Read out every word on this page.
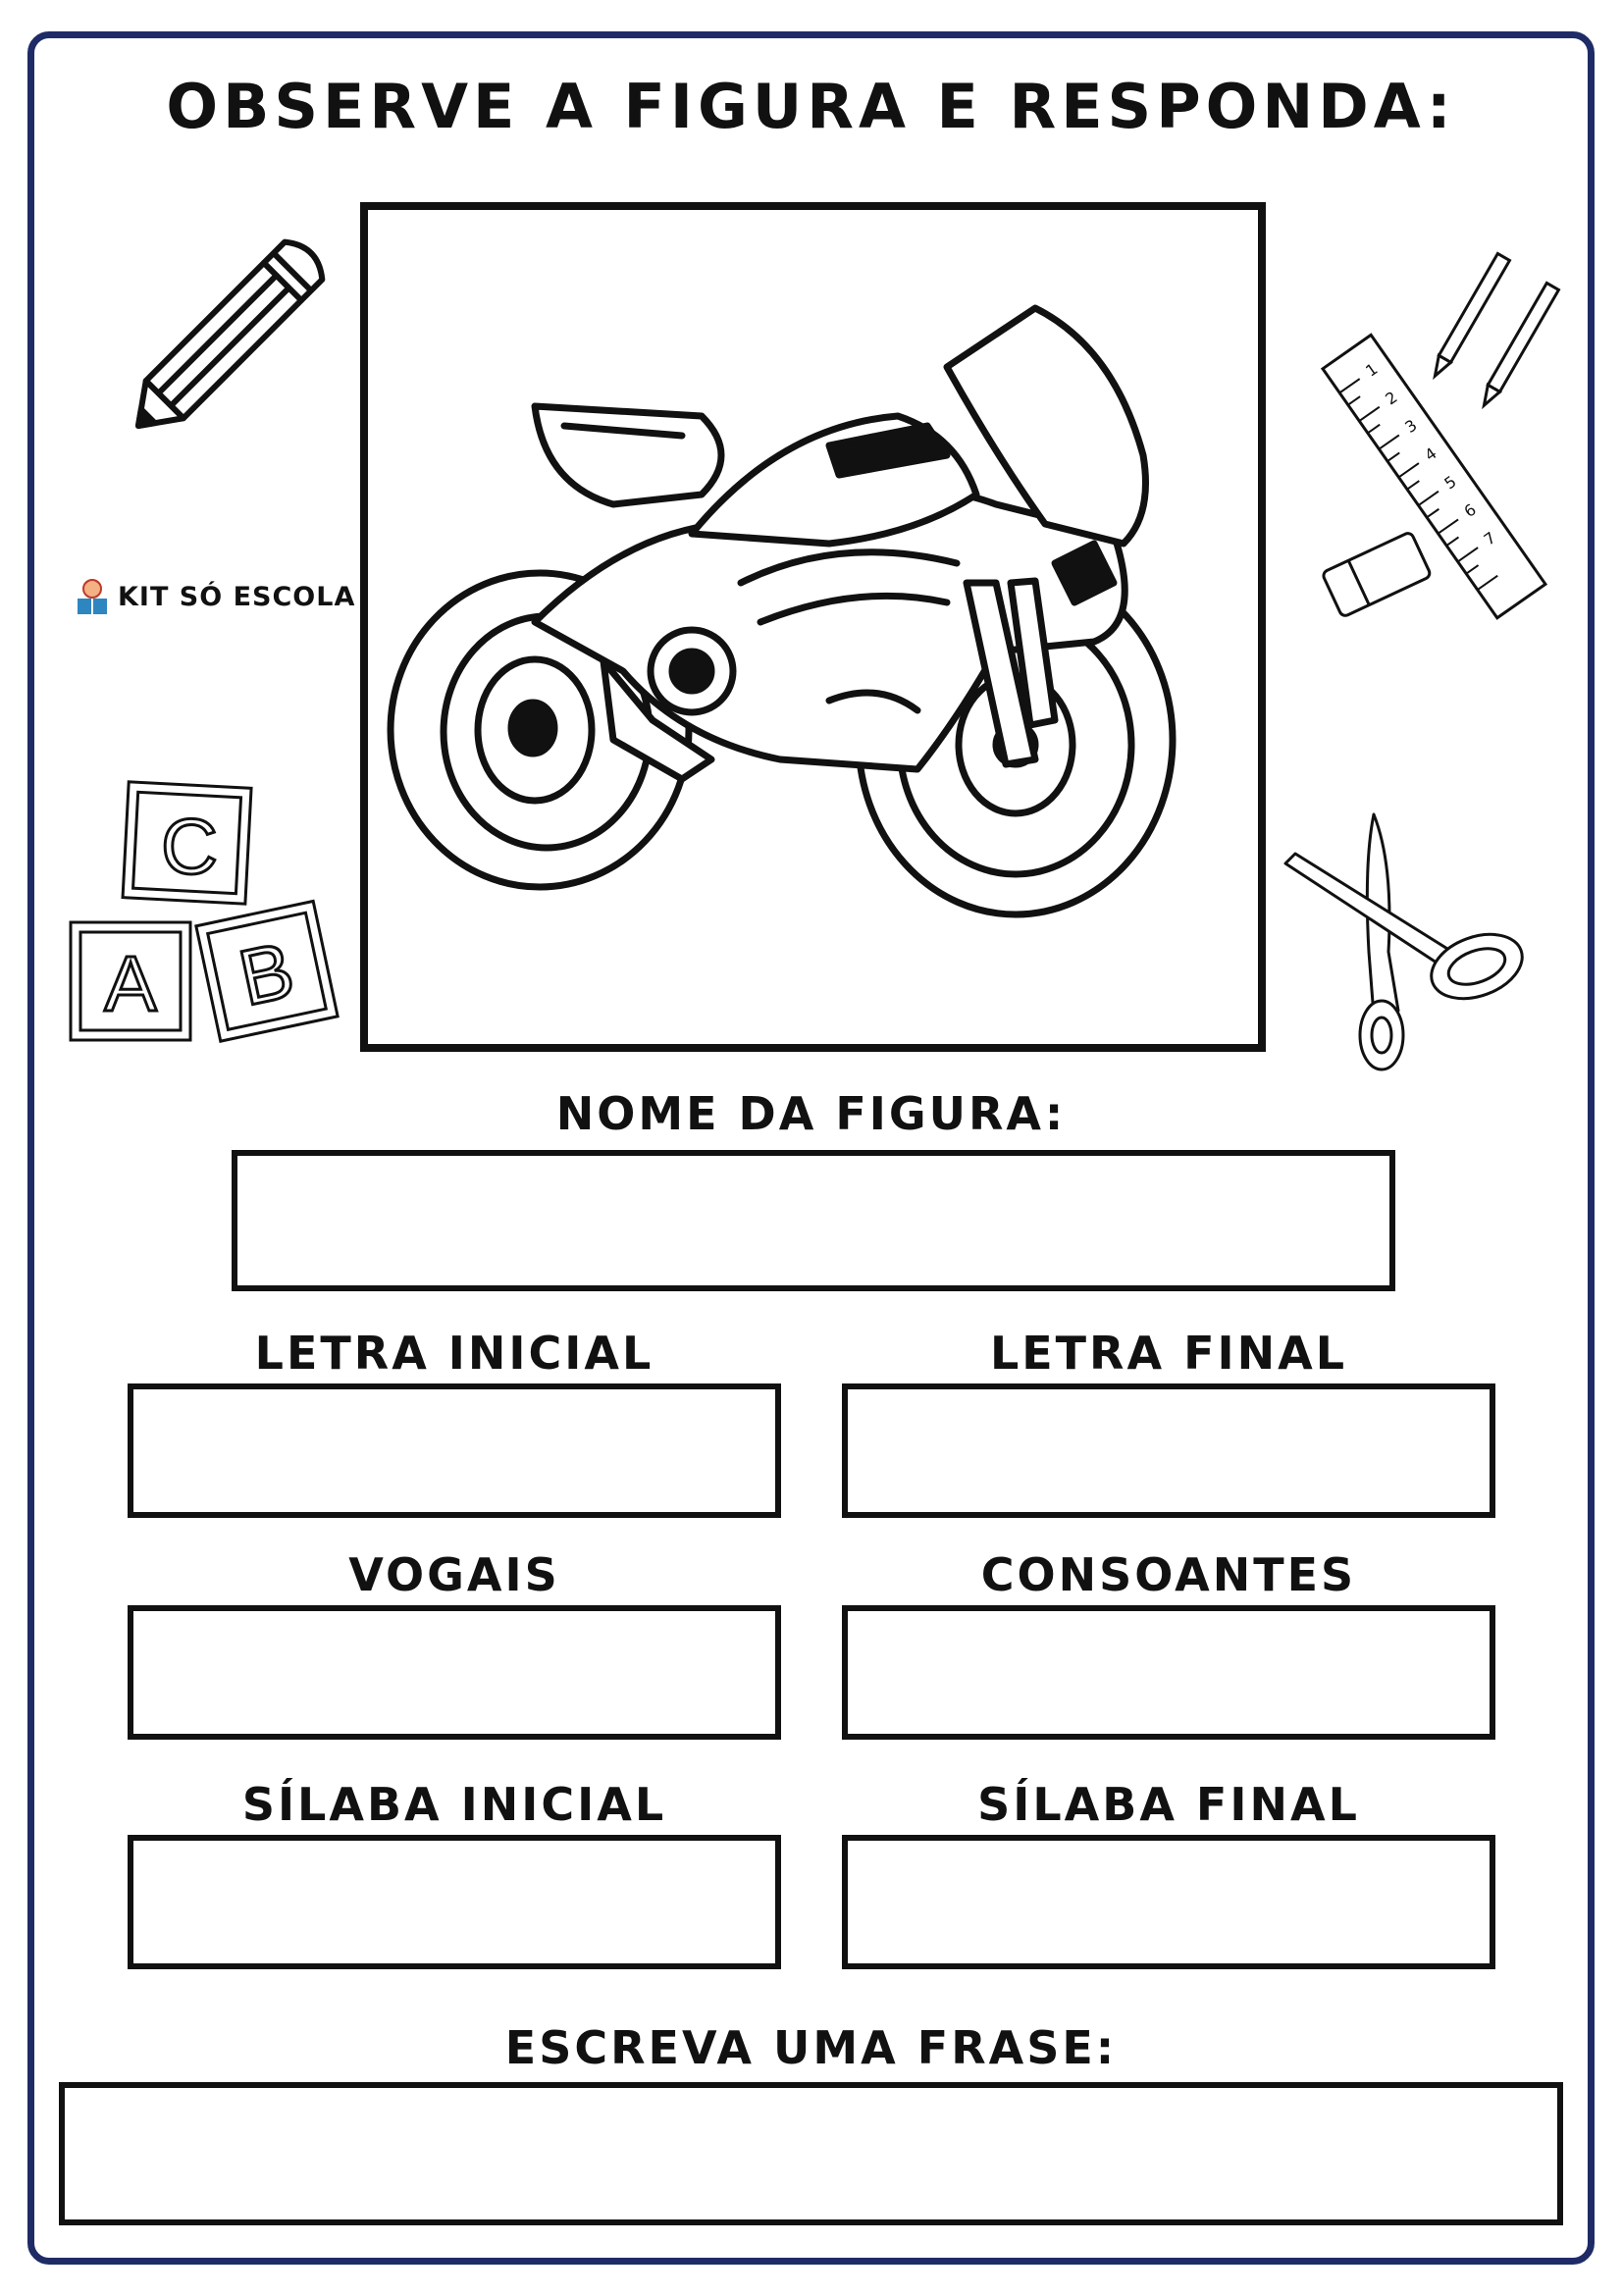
OBSERVE A FIGURA E RESPONDA:
KIT SÓ ESCOLA
C
A B
1
2
3
4
5
6
7
NOME DA FIGURA:
LETRA INICIAL	LETRA FINAL
VOGAIS	CONSOANTES
SÍLABA INICIAL	SÍLABA FINAL
ESCREVA UMA FRASE:
